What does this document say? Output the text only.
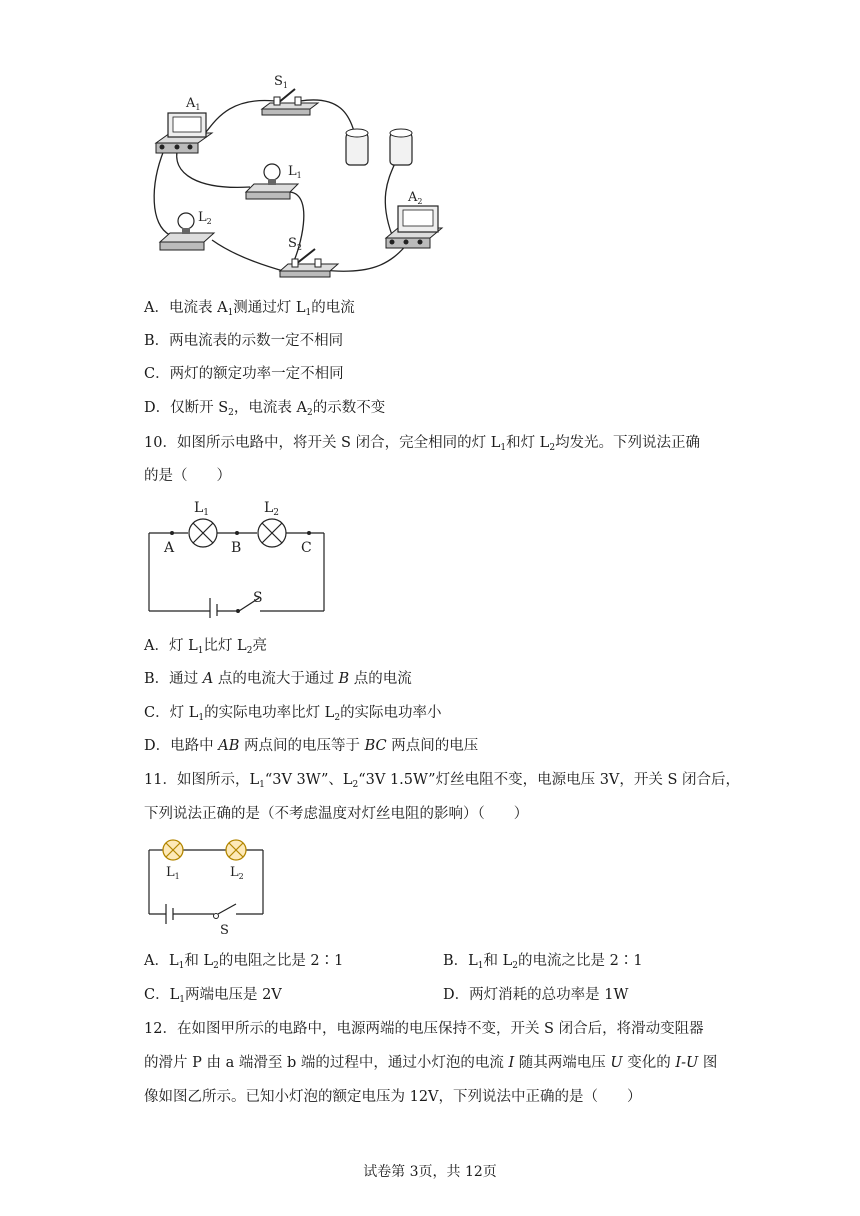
$A_1$
$S_1$
$L_1$
$L_2$
$S_2$
$A_2$
A．电流表 $A_1$测通过灯 $L_1$的电流
B．两电流表的示数一定不相同
C．两灯的额定功率一定不相同
D．仅断开 $S_2$，电流表 $A_2$的示数不变
10．如图所示电路中，将开关 S 闭合，完全相同的灯 $L_1$和灯 $L_2$均发光。下列说法正确
的是（　　）
$L_1$	$L_2$
A	B	C
S
A．灯 $L_1$比灯 $L_2$亮
B．通过 A 点的电流大于通过 B 点的电流
C．灯 $L_1$的实际电功率比灯 $L_2$的实际电功率小
D．电路中 AB 两点间的电压等于 BC 两点间的电压
11．如图所示，$L_1“3V$ 3W”、$L_2“3V$ 1.5W”灯丝电阻不变，电源电压 3V，开关 S 闭合后，
下列说法正确的是（不考虑温度对灯丝电阻的影响）（　　）
$L_1$	$L_2$
S
A．$L_1$和 $L_2$的电阻之比是 2∶1	B．$L_1$和 $L_2$的电流之比是 2∶1
C．$L_1$两端电压是 2V	D．两灯消耗的总功率是 1W
12．在如图甲所示的电路中，电源两端的电压保持不变，开关 S 闭合后，将滑动变阻器
的滑片 P 由 a 端滑至 b 端的过程中，通过小灯泡的电流 I 随其两端电压 U 变化的 I-U 图
像如图乙所示。已知小灯泡的额定电压为 12V，下列说法中正确的是（　　）
试卷第 3页，共 12页
